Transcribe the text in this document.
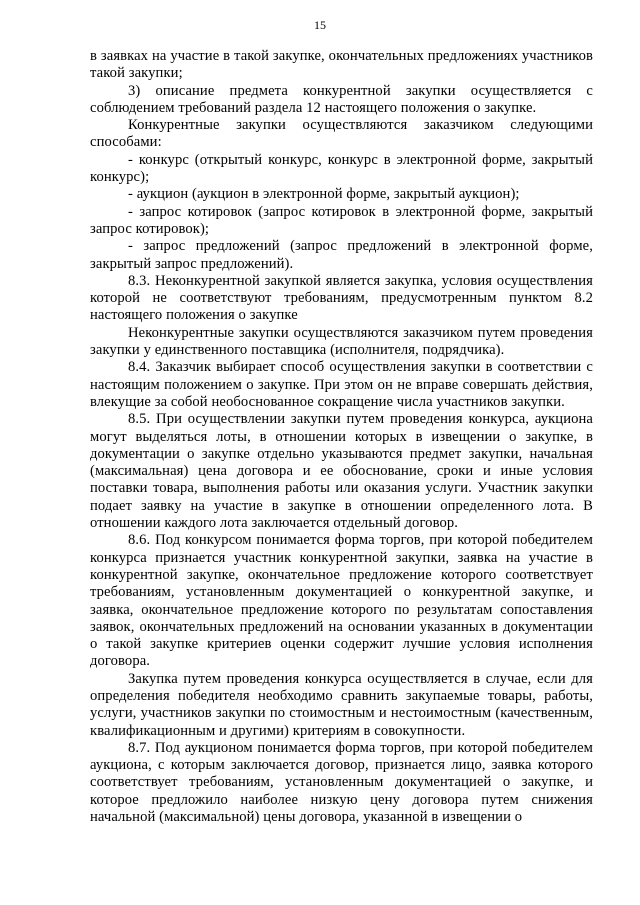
15

в заявках на участие в такой закупке, окончательных предложениях участников такой закупки;

3) описание предмета конкурентной закупки осуществляется с соблюдением требований раздела 12 настоящего положения о закупке.

Конкурентные закупки осуществляются заказчиком следующими способами:

- конкурс (открытый конкурс, конкурс в электронной форме, закрытый конкурс);

- аукцион (аукцион в электронной форме, закрытый аукцион);

- запрос котировок (запрос котировок в электронной форме, закрытый запрос котировок);

- запрос предложений (запрос предложений в электронной форме, закрытый запрос предложений).

8.3. Неконкурентной закупкой является закупка, условия осуществления которой не соответствуют требованиям, предусмотренным пунктом 8.2 настоящего положения о закупке

Неконкурентные закупки осуществляются заказчиком путем проведения закупки у единственного поставщика (исполнителя, подрядчика).

8.4. Заказчик выбирает способ осуществления закупки в соответствии с настоящим положением о закупке. При этом он не вправе совершать действия, влекущие за собой необоснованное сокращение числа участников закупки.

8.5. При осуществлении закупки путем проведения конкурса, аукциона могут выделяться лоты, в отношении которых в извещении о закупке, в документации о закупке отдельно указываются предмет закупки, начальная (максимальная) цена договора и ее обоснование, сроки и иные условия поставки товара, выполнения работы или оказания услуги. Участник закупки подает заявку на участие в закупке в отношении определенного лота. В отношении каждого лота заключается отдельный договор.

8.6. Под конкурсом понимается форма торгов, при которой победителем конкурса признается участник конкурентной закупки, заявка на участие в конкурентной закупке, окончательное предложение которого соответствует требованиям, установленным документацией о конкурентной закупке, и заявка, окончательное предложение которого по результатам сопоставления заявок, окончательных предложений на основании указанных в документации о такой закупке критериев оценки содержит лучшие условия исполнения договора.

Закупка путем проведения конкурса осуществляется в случае, если для определения победителя необходимо сравнить закупаемые товары, работы, услуги, участников закупки по стоимостным и нестоимостным (качественным, квалификационным и другими) критериям в совокупности.

8.7. Под аукционом понимается форма торгов, при которой победителем аукциона, с которым заключается договор, признается лицо, заявка которого соответствует требованиям, установленным документацией о закупке, и которое предложило наиболее низкую цену договора путем снижения начальной (максимальной) цены договора, указанной в извещении о
